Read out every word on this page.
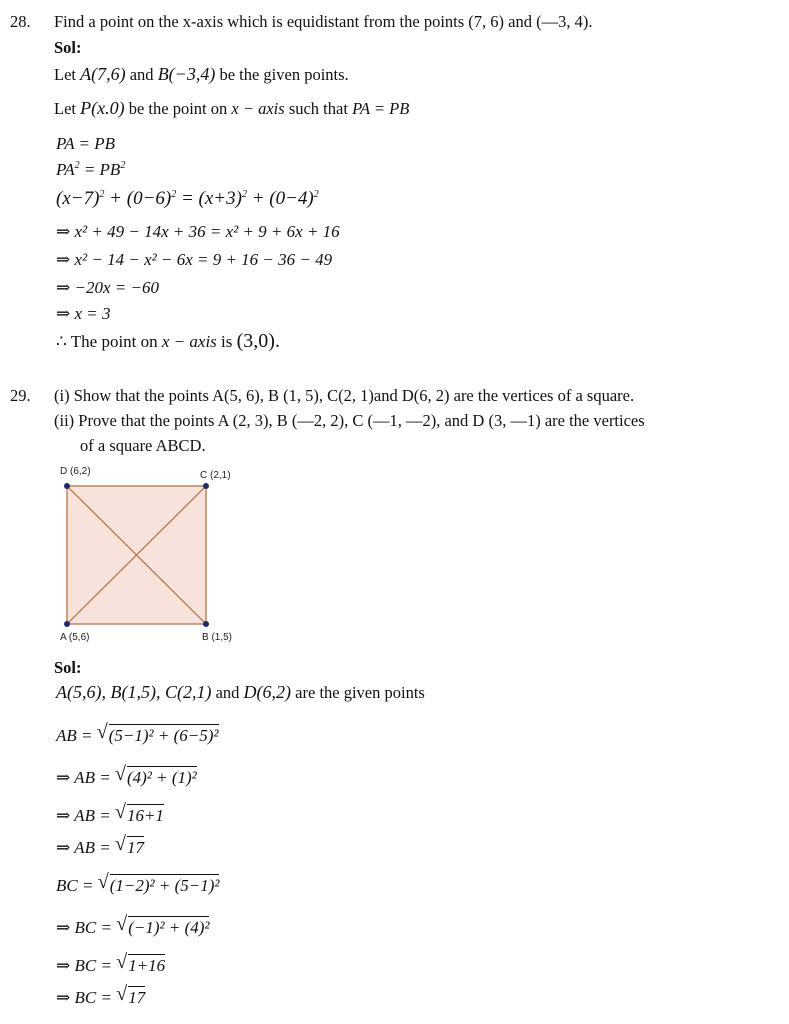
28. Find a point on the x-axis which is equidistant from the points (7, 6) and (—3, 4).
Sol:
Let A(7,6) and B(−3,4) be the given points.
Let P(x.0) be the point on x − axis such that PA = PB
PA = PB
$PA^2 = PB^2$
$(x-7)^2 + (0-6)^2 = (x+3)^2 + (0-4)^2$
⇒ x² + 49 − 14x + 36 = x² + 9 + 6x + 16
⇒ x² − 14 − x² − 6x = 9 + 16 − 36 − 49
⇒ −20x = −60
⇒ x = 3
∴ The point on x − axis is (3,0).
29. (i) Show that the points A(5, 6), B (1, 5), C(2, 1)and D(6, 2) are the vertices of a square.
(ii) Prove that the points A (2, 3), B (—2, 2), C (—1, —2), and D (3, —1) are the vertices
of a square ABCD.
D (6,2)	C (2,1)
A (5,6)	B (1,5)
Sol:
A(5,6), B(1,5), C(2,1) and D(6,2) are the given points
AB = √ (5−1)² + (6−5)²
⇒ AB = √ (4)² + (1)²
⇒ AB = √ 16+1
⇒ AB = √ 17
BC = √ (1−2)² + (5−1)²
⇒ BC = √ (−1)² + (4)²
⇒ BC = √ 1+16
⇒ BC = √ 17
